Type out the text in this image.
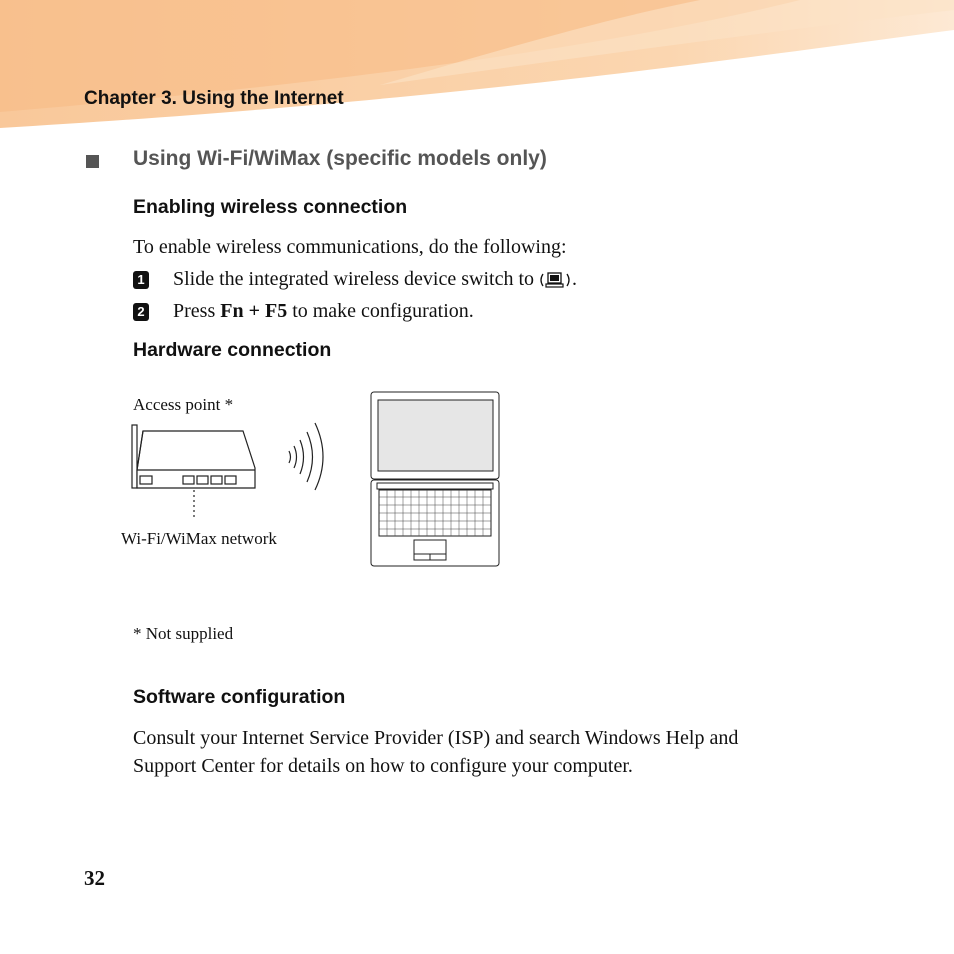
Chapter 3. Using the Internet
Using Wi-Fi/WiMax (specific models only)
Enabling wireless connection
To enable wireless communications, do the following:
1 Slide the integrated wireless device switch to .
2 Press Fn + F5 to make configuration.
Hardware connection
Access point *
Wi-Fi/WiMax network
* Not supplied
Software configuration
Consult your Internet Service Provider (ISP) and search Windows Help and
Support Center for details on how to configure your computer.
32
